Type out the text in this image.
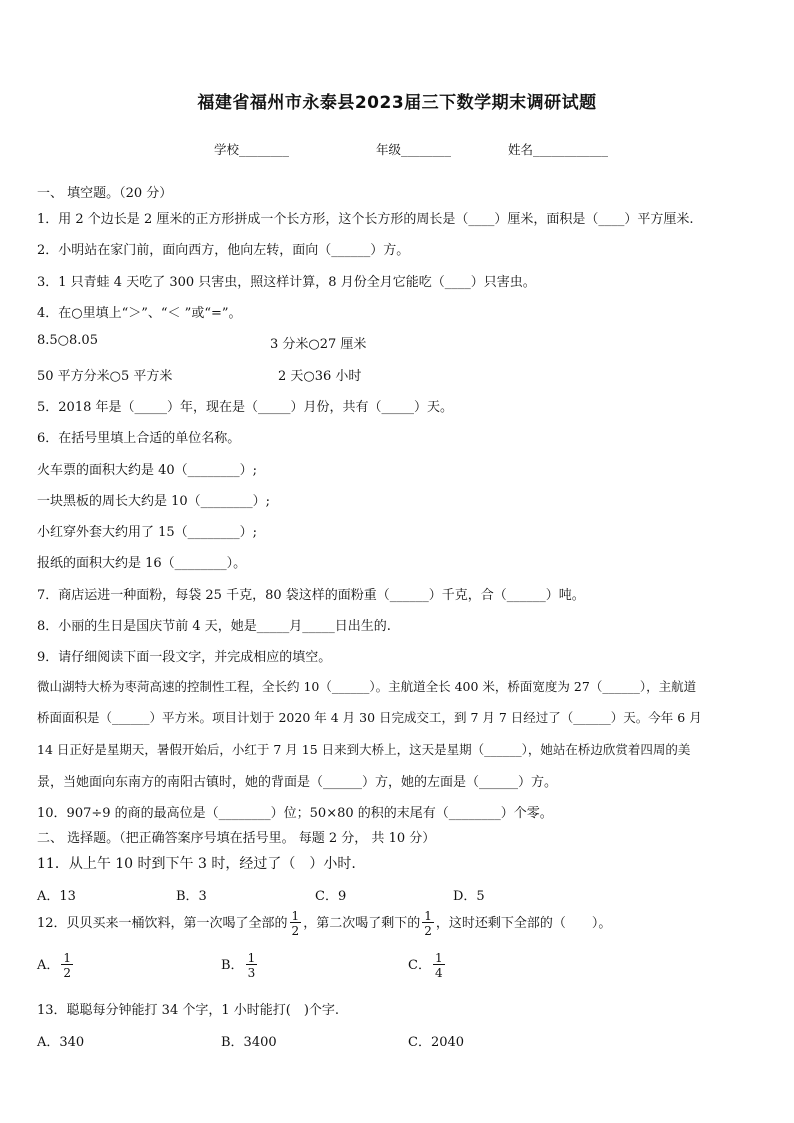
福建省福州市永泰县2023届三下数学期末调研试题
学校________	年级________	姓名____________
一、 填空题。（20 分）
1．用 2 个边长是 2 厘米的正方形拼成一个长方形，这个长方形的周长是（____）厘米，面积是（____）平方厘米.
2．小明站在家门前，面向西方，他向左转，面向（______）方。
3．1 只青蛙 4 天吃了 300 只害虫，照这样计算，8 月份全月它能吃（____）只害虫。
4．在○里填上“＞”、“＜ ”或“=”。
8.5○8.05	3 分米○27 厘米
50 平方分米○5 平方米	2 天○36 小时
5．2018 年是（_____）年，现在是（_____）月份，共有（_____）天。
6．在括号里填上合适的单位名称。
火车票的面积大约是 40（________）;
一块黑板的周长大约是 10（________）;
小红穿外套大约用了 15（________）;
报纸的面积大约是 16（________）。
7．商店运进一种面粉，每袋 25 千克，80 袋这样的面粉重（______）千克，合（______）吨。
8．小丽的生日是国庆节前 4 天，她是_____月_____日出生的.
9．请仔细阅读下面一段文字，并完成相应的填空。
微山湖特大桥为枣菏高速的控制性工程，全长约 10（______）。主航道全长 400 米，桥面宽度为 27（______），主航道
桥面面积是（______）平方米。项目计划于 2020 年 4 月 30 日完成交工，到 7 月 7 日经过了（______）天。今年 6 月
14 日正好是星期天，暑假开始后，小红于 7 月 15 日来到大桥上，这天是星期（______），她站在桥边欣赏着四周的美
景，当她面向东南方的南阳古镇时，她的背面是（______）方，她的左面是（______）方。
10．907÷9 的商的最高位是（________）位；50×80 的积的末尾有（________）个零。
二、 选择题。（把正确答案序号填在括号里。 每题 2 分， 共 10 分）
11．从上午 10 时到下午 3 时，经过了（　）小时.
A．13	B．3	C．9	D．5
12．贝贝买来一桶饮料，第一次喝了全部的 $\frac{1}{2}$ ，第二次喝了剩下的 $\frac{1}{2}$ ，这时还剩下全部的（　　）。
A． $\frac{1}{2}$	B． $\frac{1}{3}$	C． $\frac{1}{4}$
13．聪聪每分钟能打 34 个字，1 小时能打(　)个字.
A．340	B．3400	C．2040
